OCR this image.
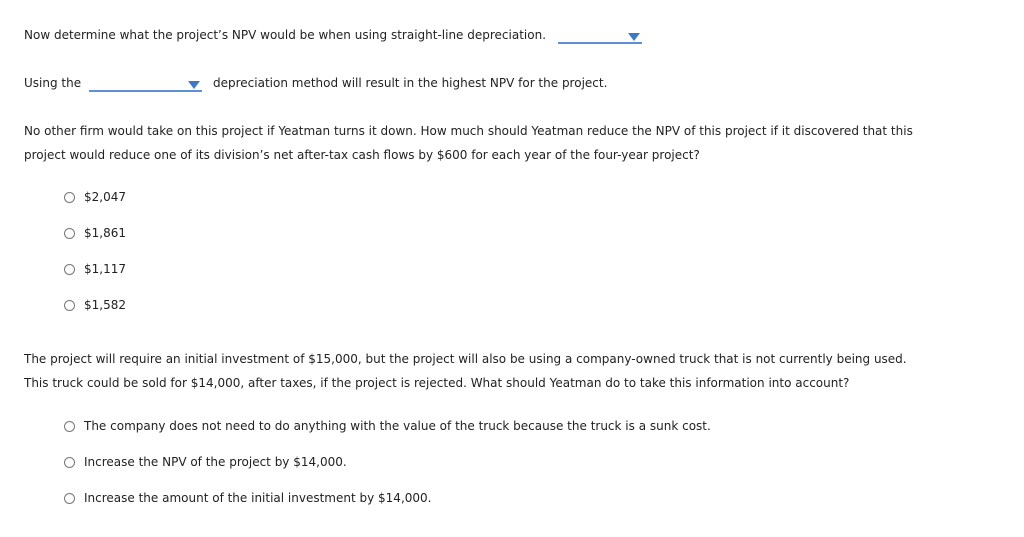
Now determine what the project’s NPV would be when using straight-line depreciation.
Using the	depreciation method will result in the highest NPV for the project.
No other firm would take on this project if Yeatman turns it down. How much should Yeatman reduce the NPV of this project if it discovered that this
project would reduce one of its division’s net after-tax cash flows by $600 for each year of the four-year project?
$2,047
$1,861
$1,117
$1,582
The project will require an initial investment of $15,000, but the project will also be using a company-owned truck that is not currently being used.
This truck could be sold for $14,000, after taxes, if the project is rejected. What should Yeatman do to take this information into account?
The company does not need to do anything with the value of the truck because the truck is a sunk cost.
Increase the NPV of the project by $14,000.
Increase the amount of the initial investment by $14,000.
